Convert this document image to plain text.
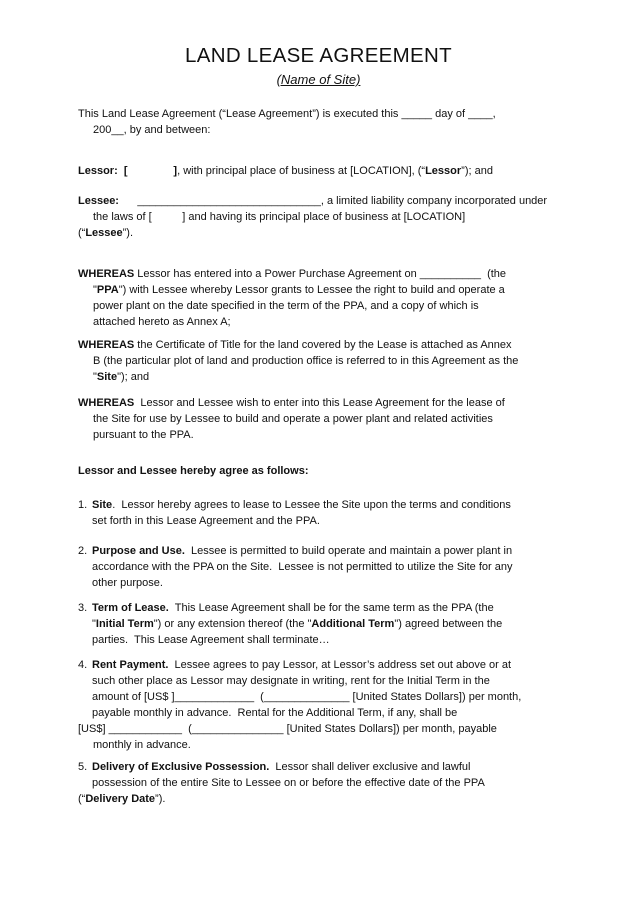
LAND LEASE AGREEMENT
(Name of Site)
This Land Lease Agreement (“Lease Agreement”) is executed this _____ day of ____,
200__, by and between:
Lessor: [	], with principal place of business at [LOCATION], (“Lessor”); and
Lessee: ______________________________, a limited liability company incorporated under
the laws of [          ] and having its principal place of business at [LOCATION]
(“Lessee”).
WHEREAS Lessor has entered into a Power Purchase Agreement on __________  (the
"PPA") with Lessee whereby Lessor grants to Lessee the right to build and operate a
power plant on the date specified in the term of the PPA, and a copy of which is
attached hereto as Annex A;
WHEREAS the Certificate of Title for the land covered by the Lease is attached as Annex
B (the particular plot of land and production office is referred to in this Agreement as the
"Site"); and
WHEREAS  Lessor and Lessee wish to enter into this Lease Agreement for the lease of
the Site for use by Lessee to build and operate a power plant and related activities
pursuant to the PPA.
Lessor and Lessee hereby agree as follows:
1. Site.  Lessor hereby agrees to lease to Lessee the Site upon the terms and conditions
set forth in this Lease Agreement and the PPA.
2. Purpose and Use.  Lessee is permitted to build operate and maintain a power plant in
accordance with the PPA on the Site.  Lessee is not permitted to utilize the Site for any
other purpose.
3. Term of Lease.  This Lease Agreement shall be for the same term as the PPA (the
"Initial Term") or any extension thereof (the "Additional Term") agreed between the
parties.  This Lease Agreement shall terminate…
4. Rent Payment.  Lessee agrees to pay Lessor, at Lessor’s address set out above or at
such other place as Lessor may designate in writing, rent for the Initial Term in the
amount of [US$ ]_____________  (______________ [United States Dollars]) per month,
payable monthly in advance.  Rental for the Additional Term, if any, shall be
[US$] ____________  (_______________ [United States Dollars]) per month, payable
monthly in advance.
5. Delivery of Exclusive Possession.  Lessor shall deliver exclusive and lawful
possession of the entire Site to Lessee on or before the effective date of the PPA
(“Delivery Date”).
